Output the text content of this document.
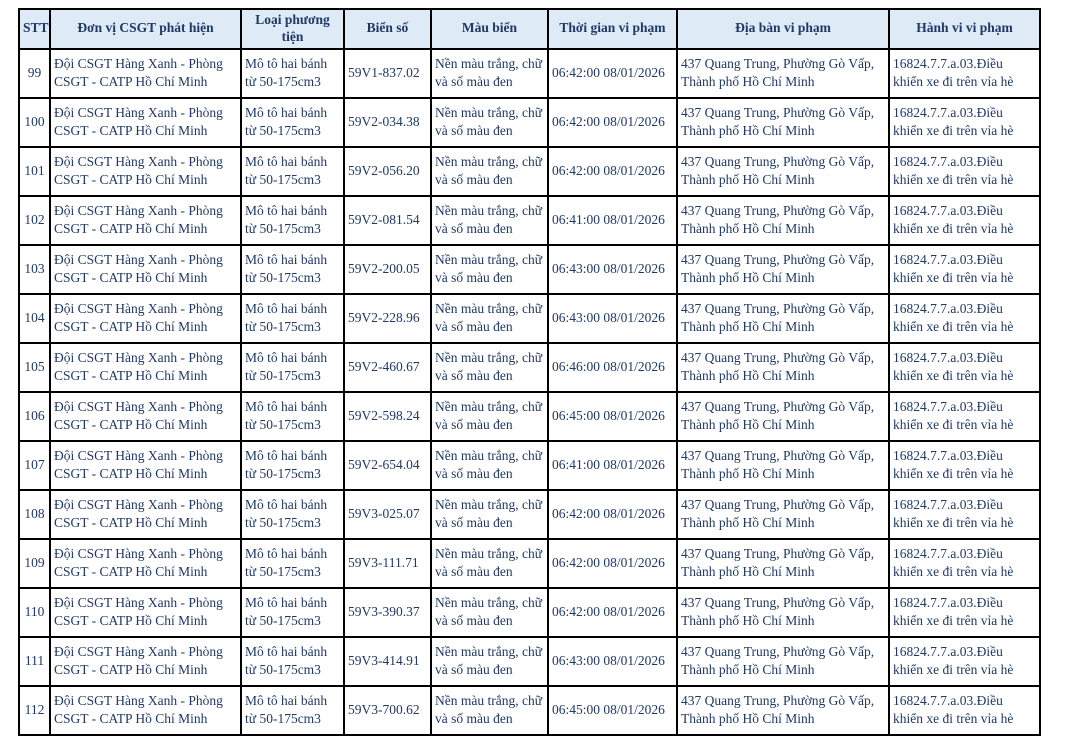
STT	Đơn vị CSGT phát hiện	Loại phương tiện	Biển số	Màu biển	Thời gian vi phạm	Địa bàn vi phạm	Hành vi vi phạm
99	Đội CSGT Hàng Xanh - Phòng CSGT - CATP Hồ Chí Minh	Mô tô hai bánh từ 50-175cm3	59V1-837.02	Nền màu trắng, chữ và số màu đen	06:42:00 08/01/2026	437 Quang Trung, Phường Gò Vấp, Thành phố Hồ Chí Minh	16824.7.7.a.03.Điều khiển xe đi trên vỉa hè
100	Đội CSGT Hàng Xanh - Phòng CSGT - CATP Hồ Chí Minh	Mô tô hai bánh từ 50-175cm3	59V2-034.38	Nền màu trắng, chữ và số màu đen	06:42:00 08/01/2026	437 Quang Trung, Phường Gò Vấp, Thành phố Hồ Chí Minh	16824.7.7.a.03.Điều khiển xe đi trên vỉa hè
101	Đội CSGT Hàng Xanh - Phòng CSGT - CATP Hồ Chí Minh	Mô tô hai bánh từ 50-175cm3	59V2-056.20	Nền màu trắng, chữ và số màu đen	06:42:00 08/01/2026	437 Quang Trung, Phường Gò Vấp, Thành phố Hồ Chí Minh	16824.7.7.a.03.Điều khiển xe đi trên vỉa hè
102	Đội CSGT Hàng Xanh - Phòng CSGT - CATP Hồ Chí Minh	Mô tô hai bánh từ 50-175cm3	59V2-081.54	Nền màu trắng, chữ và số màu đen	06:41:00 08/01/2026	437 Quang Trung, Phường Gò Vấp, Thành phố Hồ Chí Minh	16824.7.7.a.03.Điều khiển xe đi trên vỉa hè
103	Đội CSGT Hàng Xanh - Phòng CSGT - CATP Hồ Chí Minh	Mô tô hai bánh từ 50-175cm3	59V2-200.05	Nền màu trắng, chữ và số màu đen	06:43:00 08/01/2026	437 Quang Trung, Phường Gò Vấp, Thành phố Hồ Chí Minh	16824.7.7.a.03.Điều khiển xe đi trên vỉa hè
104	Đội CSGT Hàng Xanh - Phòng CSGT - CATP Hồ Chí Minh	Mô tô hai bánh từ 50-175cm3	59V2-228.96	Nền màu trắng, chữ và số màu đen	06:43:00 08/01/2026	437 Quang Trung, Phường Gò Vấp, Thành phố Hồ Chí Minh	16824.7.7.a.03.Điều khiển xe đi trên vỉa hè
105	Đội CSGT Hàng Xanh - Phòng CSGT - CATP Hồ Chí Minh	Mô tô hai bánh từ 50-175cm3	59V2-460.67	Nền màu trắng, chữ và số màu đen	06:46:00 08/01/2026	437 Quang Trung, Phường Gò Vấp, Thành phố Hồ Chí Minh	16824.7.7.a.03.Điều khiển xe đi trên vỉa hè
106	Đội CSGT Hàng Xanh - Phòng CSGT - CATP Hồ Chí Minh	Mô tô hai bánh từ 50-175cm3	59V2-598.24	Nền màu trắng, chữ và số màu đen	06:45:00 08/01/2026	437 Quang Trung, Phường Gò Vấp, Thành phố Hồ Chí Minh	16824.7.7.a.03.Điều khiển xe đi trên vỉa hè
107	Đội CSGT Hàng Xanh - Phòng CSGT - CATP Hồ Chí Minh	Mô tô hai bánh từ 50-175cm3	59V2-654.04	Nền màu trắng, chữ và số màu đen	06:41:00 08/01/2026	437 Quang Trung, Phường Gò Vấp, Thành phố Hồ Chí Minh	16824.7.7.a.03.Điều khiển xe đi trên vỉa hè
108	Đội CSGT Hàng Xanh - Phòng CSGT - CATP Hồ Chí Minh	Mô tô hai bánh từ 50-175cm3	59V3-025.07	Nền màu trắng, chữ và số màu đen	06:42:00 08/01/2026	437 Quang Trung, Phường Gò Vấp, Thành phố Hồ Chí Minh	16824.7.7.a.03.Điều khiển xe đi trên vỉa hè
109	Đội CSGT Hàng Xanh - Phòng CSGT - CATP Hồ Chí Minh	Mô tô hai bánh từ 50-175cm3	59V3-111.71	Nền màu trắng, chữ và số màu đen	06:42:00 08/01/2026	437 Quang Trung, Phường Gò Vấp, Thành phố Hồ Chí Minh	16824.7.7.a.03.Điều khiển xe đi trên vỉa hè
110	Đội CSGT Hàng Xanh - Phòng CSGT - CATP Hồ Chí Minh	Mô tô hai bánh từ 50-175cm3	59V3-390.37	Nền màu trắng, chữ và số màu đen	06:42:00 08/01/2026	437 Quang Trung, Phường Gò Vấp, Thành phố Hồ Chí Minh	16824.7.7.a.03.Điều khiển xe đi trên vỉa hè
111	Đội CSGT Hàng Xanh - Phòng CSGT - CATP Hồ Chí Minh	Mô tô hai bánh từ 50-175cm3	59V3-414.91	Nền màu trắng, chữ và số màu đen	06:43:00 08/01/2026	437 Quang Trung, Phường Gò Vấp, Thành phố Hồ Chí Minh	16824.7.7.a.03.Điều khiển xe đi trên vỉa hè
112	Đội CSGT Hàng Xanh - Phòng CSGT - CATP Hồ Chí Minh	Mô tô hai bánh từ 50-175cm3	59V3-700.62	Nền màu trắng, chữ và số màu đen	06:45:00 08/01/2026	437 Quang Trung, Phường Gò Vấp, Thành phố Hồ Chí Minh	16824.7.7.a.03.Điều khiển xe đi trên vỉa hè
